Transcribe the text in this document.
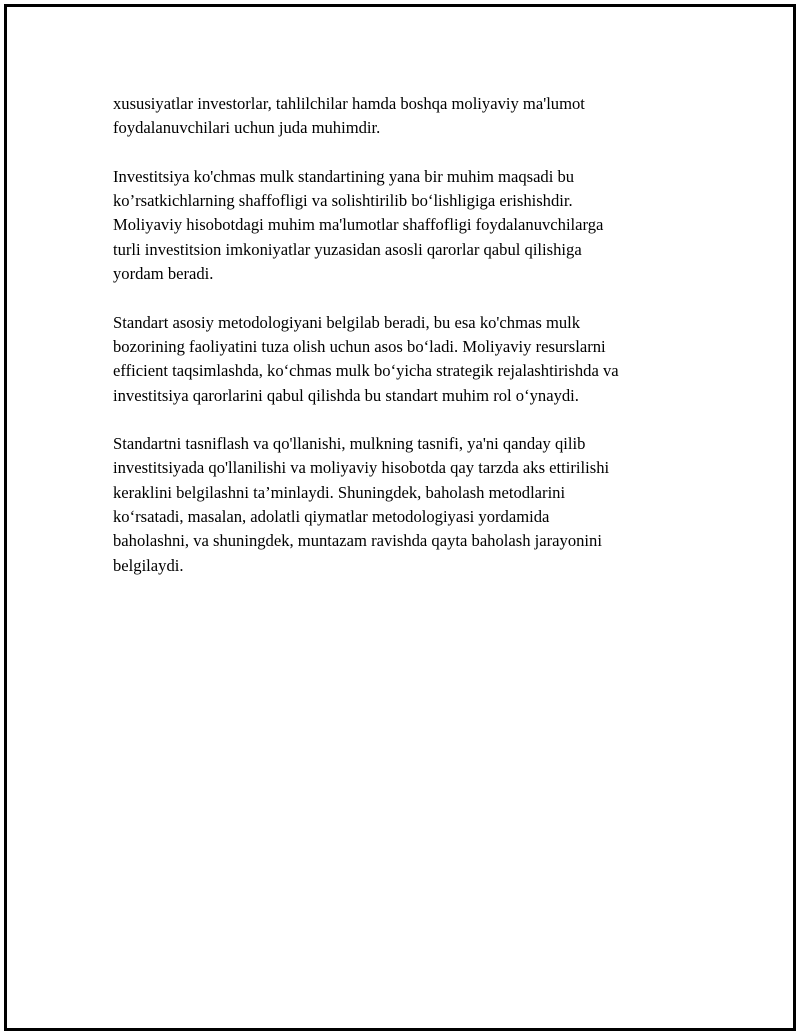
xususiyatlar investorlar, tahlilchilar hamda boshqa moliyaviy ma'lumot
foydalanuvchilari uchun juda muhimdir.

Investitsiya ko'chmas mulk standartining yana bir muhim maqsadi bu
ko’rsatkichlarning shaffofligi va solishtirilib bo‘lishligiga erishishdir.
Moliyaviy hisobotdagi muhim ma'lumotlar shaffofligi foydalanuvchilarga
turli investitsion imkoniyatlar yuzasidan asosli qarorlar qabul qilishiga
yordam beradi.

Standart asosiy metodologiyani belgilab beradi, bu esa ko'chmas mulk
bozorining faoliyatini tuza olish uchun asos bo‘ladi. Moliyaviy resurslarni
efficient taqsimlashda, ko‘chmas mulk bo‘yicha strategik rejalashtirishda va
investitsiya qarorlarini qabul qilishda bu standart muhim rol o‘ynaydi.

Standartni tasniflash va qo'llanishi, mulkning tasnifi, ya'ni qanday qilib
investitsiyada qo'llanilishi va moliyaviy hisobotda qay tarzda aks ettirilishi
keraklini belgilashni ta’minlaydi. Shuningdek, baholash metodlarini
ko‘rsatadi, masalan, adolatli qiymatlar metodologiyasi yordamida
baholashni, va shuningdek, muntazam ravishda qayta baholash jarayonini
belgilaydi.
